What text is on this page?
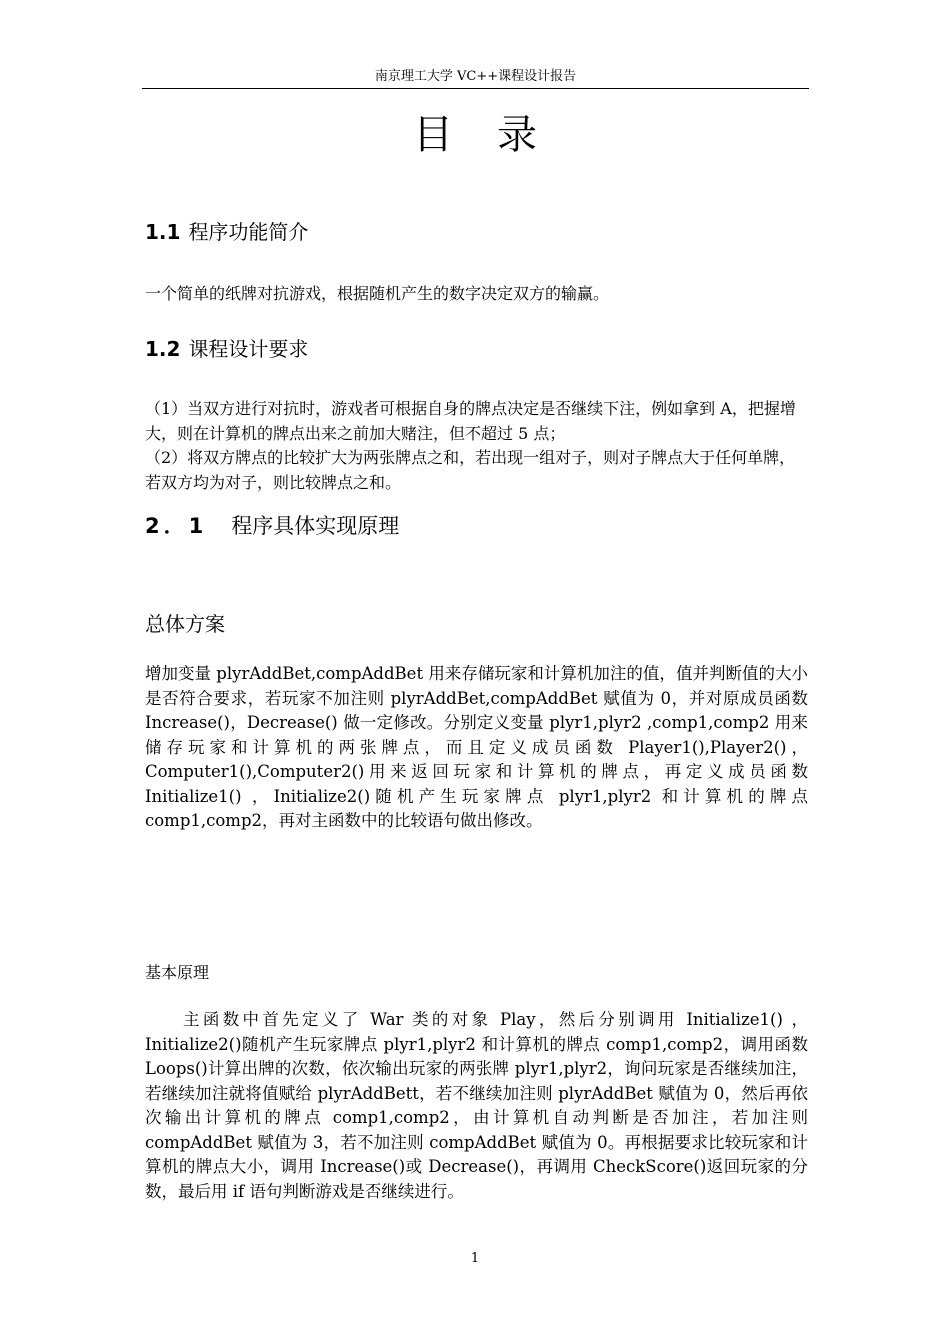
南京理工大学 VC++课程设计报告
目录
1.1 程序功能简介

一个简单的纸牌对抗游戏，根据随机产生的数字决定双方的输赢。

1.2 课程设计要求
（1）当双方进行对抗时，游戏者可根据自身的牌点决定是否继续下注，例如拿到 A，把握增大，则在计算机的牌点出来之前加大赌注，但不超过 5 点；
（2）将双方牌点的比较扩大为两张牌点之和，若出现一组对子，则对子牌点大于任何单牌，若双方均为对子，则比较牌点之和。
2．1 程序具体实现原理
总体方案

增加变量 plyrAddBet,compAddBet 用来存储玩家和计算机加注的值，值并判断值的大小是否符合要求，若玩家不加注则 plyrAddBet,compAddBet 赋值为 0，并对原成员函数 Increase()，Decrease() 做一定修改。分别定义变量 plyr1,plyr2 ,comp1,comp2 用来储存玩家和计算机的两张牌点，而且定义成员函数 Player1(),Player2()，Computer1(),Computer2()用来返回玩家和计算机的牌点，再定义成员函数 Initialize1() ，Initialize2()随机产生玩家牌点 plyr1,plyr2 和计算机的牌点 comp1,comp2，再对主函数中的比较语句做出修改。

基本原理

主函数中首先定义了 War 类的对象 Play，然后分别调用 Initialize1() ，Initialize2()随机产生玩家牌点 plyr1,plyr2 和计算机的牌点 comp1,comp2，调用函数 Loops()计算出牌的次数，依次输出玩家的两张牌 plyr1,plyr2，询问玩家是否继续加注，若继续加注就将值赋给 plyrAddBett，若不继续加注则 plyrAddBet 赋值为 0，然后再依次输出计算机的牌点 comp1,comp2，由计算机自动判断是否加注，若加注则 compAddBet 赋值为 3，若不加注则 compAddBet 赋值为 0。再根据要求比较玩家和计算机的牌点大小，调用 Increase()或 Decrease()，再调用 CheckScore()返回玩家的分数，最后用 if 语句判断游戏是否继续进行。

1
